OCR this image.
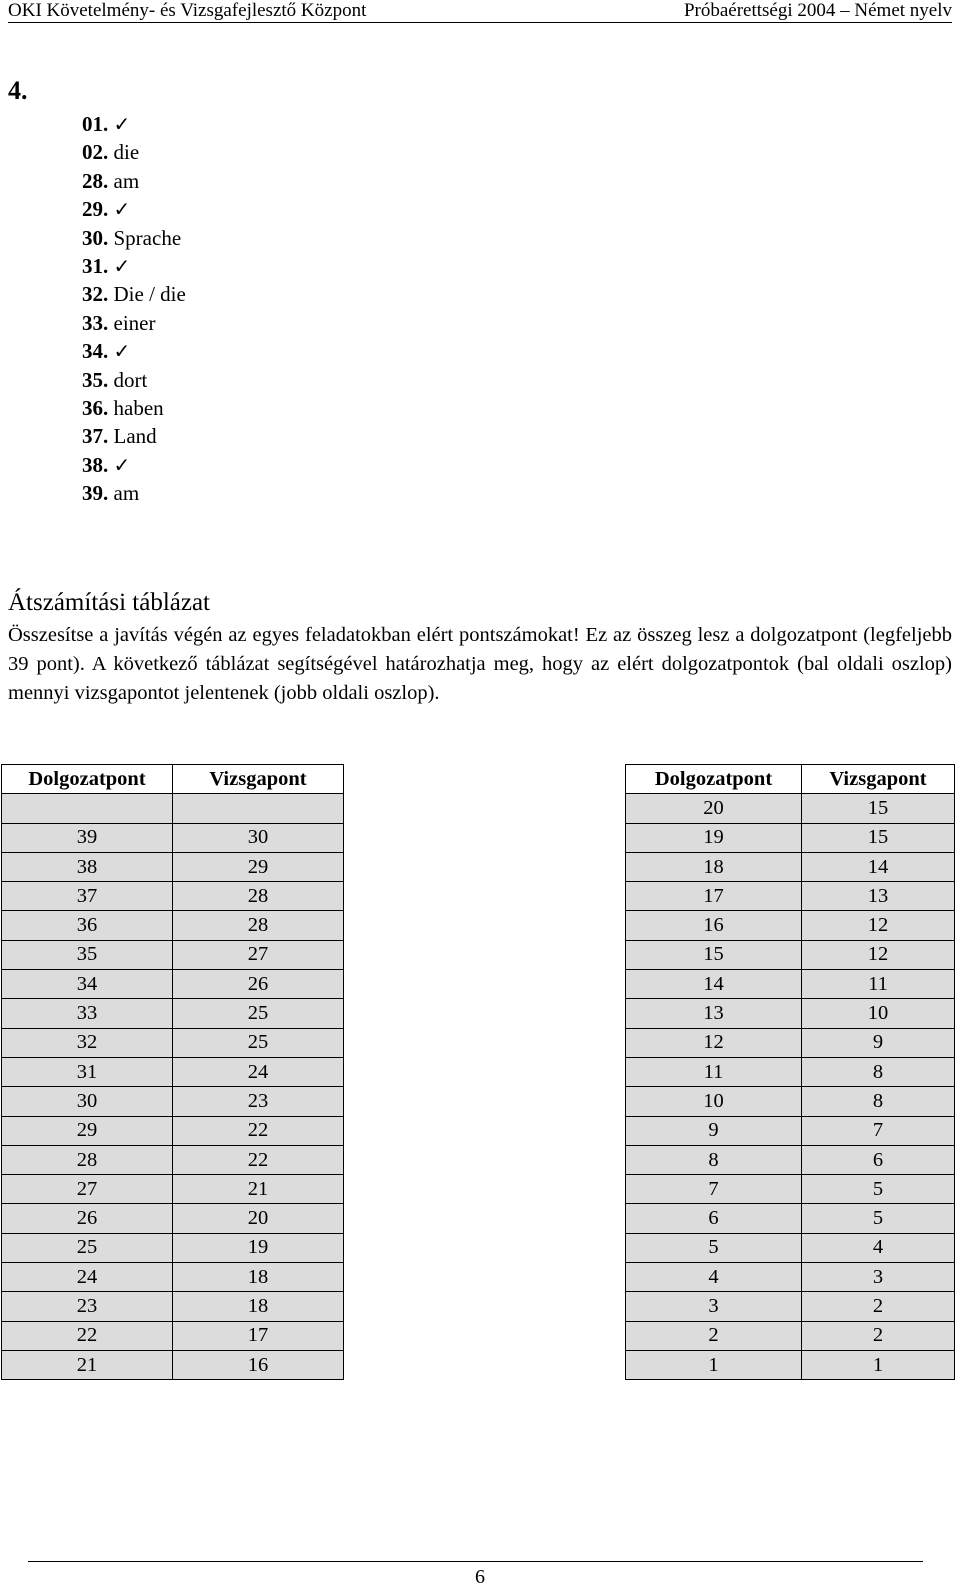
OKI Követelmény- és Vizsgafejlesztő Központ	Próbaérettségi 2004 – Német nyelv
4.
01. ✓
02. die
28. am
29. ✓
30. Sprache
31. ✓
32. Die / die
33. einer
34. ✓
35. dort
36. haben
37. Land
38. ✓
39. am
Átszámítási táblázat
Összesítse a javítás végén az egyes feladatokban elért pontszámokat! Ez az összeg lesz a dolgozatpont (legfeljebb 39 pont). A következő táblázat segítségével határozhatja meg, hogy az elért dolgozatpontok (bal oldali oszlop) mennyi vizsgapontot jelentenek (jobb oldali oszlop).
Dolgozatpont	Vizsgapont

39	30
38	29
37	28
36	28
35	27
34	26
33	25
32	25
31	24
30	23
29	22
28	22
27	21
26	20
25	19
24	18
23	18
22	17
21	16
Dolgozatpont	Vizsgapont
20	15
19	15
18	14
17	13
16	12
15	12
14	11
13	10
12	9
11	8
10	8
9	7
8	6
7	5
6	5
5	4
4	3
3	2
2	2
1	1
6
